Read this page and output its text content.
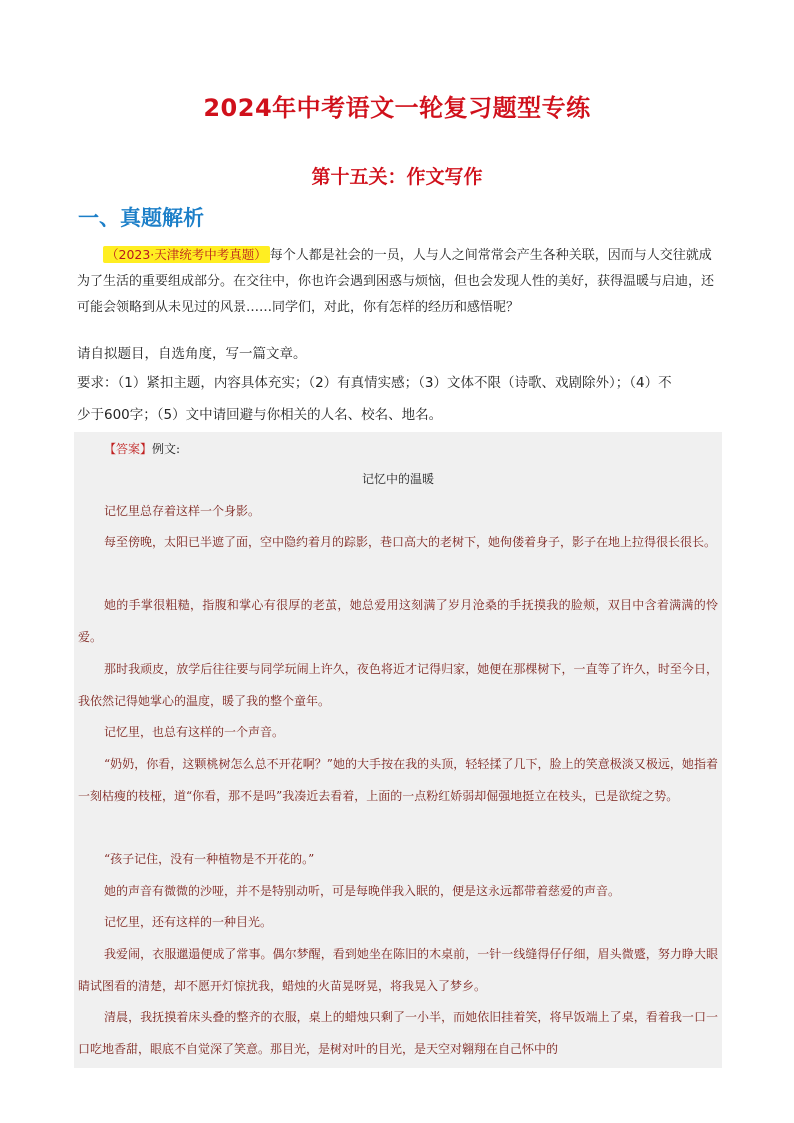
2024年中考语文一轮复习题型专练
第十五关：作文写作
一、真题解析
（2023·天津统考中考真题） 每个人都是社会的一员，人与人之间常常会产生各种关联，因而与人交往就成为了生活的重要组成部分。在交往中，你也许会遇到困惑与烦恼，但也会发现人性的美好，获得温暖与启迪，还可能会领略到从未见过的风景……同学们，对此，你有怎样的经历和感悟呢？
请自拟题目，自选角度，写一篇文章。
要求：（1）紧扣主题，内容具体充实；（2）有真情实感；（3）文体不限（诗歌、戏剧除外）；（4）不
少于600字；（5）文中请回避与你相关的人名、校名、地名。
【答案】例文:
记忆中的温暖

记忆里总存着这样一个身影。

每至傍晚，太阳已半遮了面，空中隐约着月的踪影，巷口高大的老树下，她佝偻着身子，影子在地上拉得很长很长。

她的手掌很粗糙，指腹和掌心有很厚的老茧，她总爱用这刻满了岁月沧桑的手抚摸我的脸颊，双目中含着满满的怜爱。

那时我顽皮，放学后往往要与同学玩闹上许久，夜色将近才记得归家，她便在那棵树下，一直等了许久，时至今日，我依然记得她掌心的温度，暖了我的整个童年。

记忆里，也总有这样的一个声音。

“奶奶，你看，这颗桃树怎么总不开花啊？”她的大手按在我的头顶，轻轻揉了几下，脸上的笑意极淡又极远，她指着一刻枯瘦的枝桠，道“你看，那不是吗”我凑近去看着，上面的一点粉红娇弱却倔强地挺立在枝头，已是欲绽之势。

“孩子记住，没有一种植物是不开花的。”

她的声音有微微的沙哑，并不是特别动听，可是每晚伴我入眠的，便是这永远都带着慈爱的声音。

记忆里，还有这样的一种目光。

我爱闹，衣服邋遢便成了常事。偶尔梦醒，看到她坐在陈旧的木桌前，一针一线缝得仔仔细，眉头微蹙，努力睁大眼睛试图看的清楚，却不愿开灯惊扰我，蜡烛的火苗晃呀晃，将我晃入了梦乡。

清晨，我抚摸着床头叠的整齐的衣服，桌上的蜡烛只剩了一小半，而她依旧挂着笑，将早饭端上了桌，看着我一口一口吃地香甜，眼底不自觉深了笑意。那目光，是树对叶的目光，是天空对翱翔在自己怀中的
